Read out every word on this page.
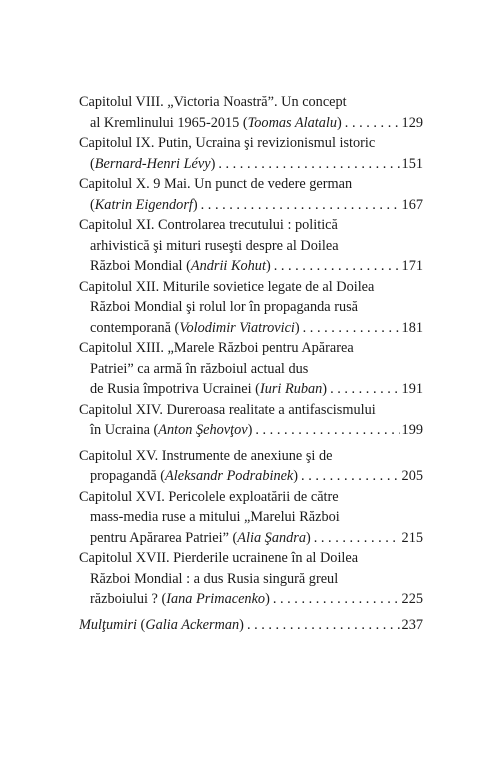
Capitolul VIII. „Victoria Noastră”. Un concept
al Kremlinului 1965-2015 (Toomas Alatalu) . . .	129
Capitolul IX. Putin, Ucraina şi revizionismul istoric
(Bernard-Henri Lévy) . . .	151
Capitolul X. 9 Mai. Un punct de vedere german
(Katrin Eigendorf) . . .	167
Capitolul XI. Controlarea trecutului : politică
arhivistică şi mituri ruseşti despre al Doilea
Război Mondial (Andrii Kohut) . . .	171
Capitolul XII. Miturile sovietice legate de al Doilea
Război Mondial şi rolul lor în propaganda rusă
contemporană (Volodimir Viatrovici) . . .	181
Capitolul XIII. „Marele Război pentru Apărarea
Patriei” ca armă în războiul actual dus
de Rusia împotriva Ucrainei (Iuri Ruban) . . .	191
Capitolul XIV. Dureroasa realitate a antifascismului
în Ucraina (Anton Şehovţov) . . .	199
Capitolul XV. Instrumente de anexiune şi de
propagandă (Aleksandr Podrabinek) . . .	205
Capitolul XVI. Pericolele exploatării de către
mass-media ruse a mitului „Marelui Război
pentru Apărarea Patriei” (Alia Şandra) . . .	215
Capitolul XVII. Pierderile ucrainene în al Doilea
Război Mondial : a dus Rusia singură greul
războiului ? (Iana Primacenko) . . .	225
Mulţumiri (Galia Ackerman) . . .	237
